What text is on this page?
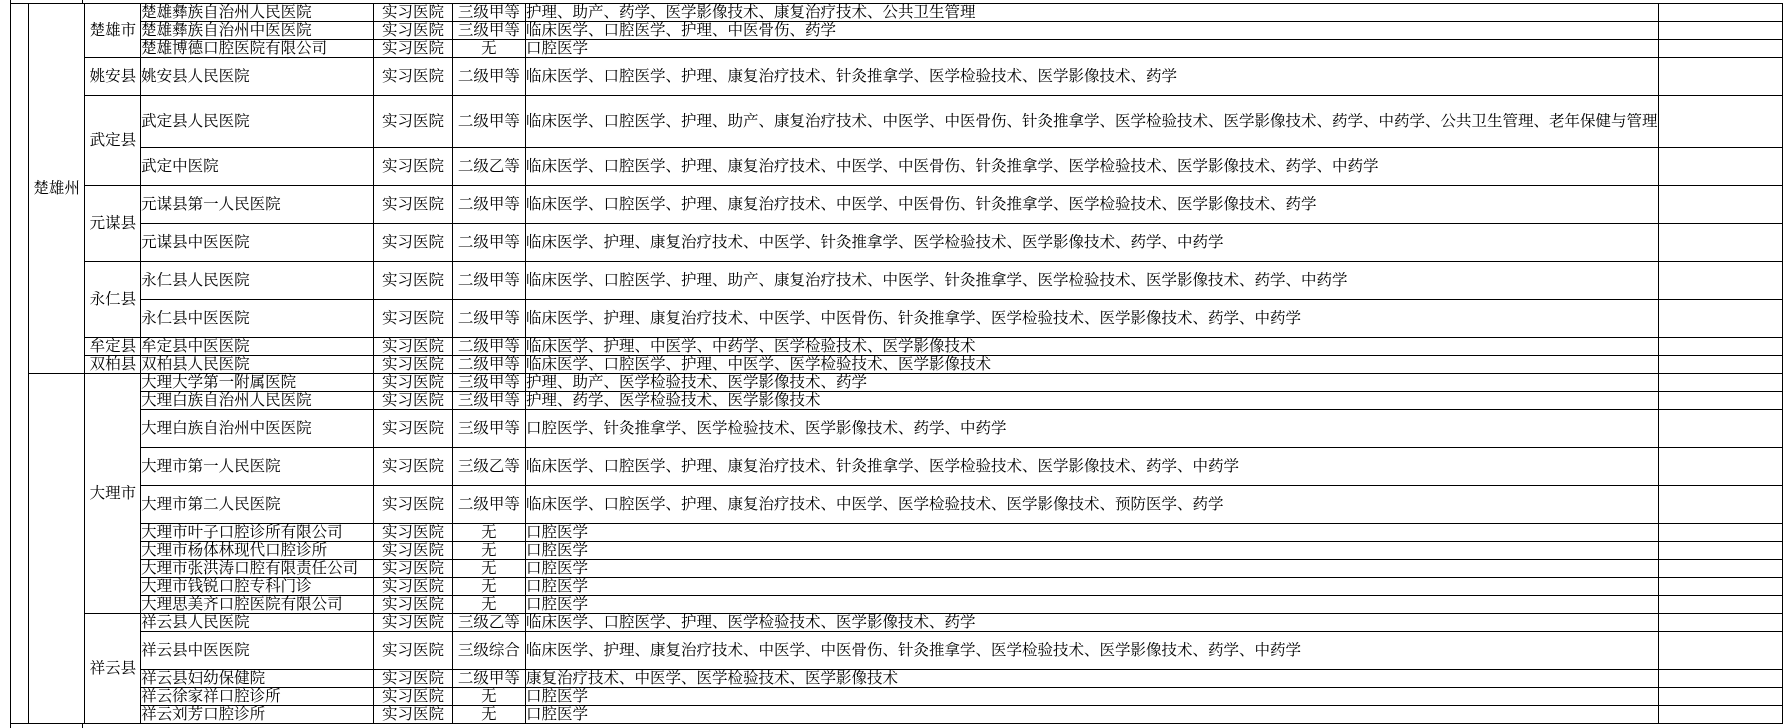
	楚雄州	楚雄市	楚雄彝族自治州人民医院	实习医院	三级甲等	护理、助产、药学、医学影像技术、康复治疗技术、公共卫生管理	
			楚雄彝族自治州中医医院	实习医院	三级甲等	临床医学、口腔医学、护理、中医骨伤、药学	
			楚雄博德口腔医院有限公司	实习医院	无	口腔医学	
		姚安县	姚安县人民医院	实习医院	二级甲等	临床医学、口腔医学、护理、康复治疗技术、针灸推拿学、医学检验技术、医学影像技术、药学	
		武定县	武定县人民医院	实习医院	二级甲等	临床医学、口腔医学、护理、助产、康复治疗技术、中医学、中医骨伤、针灸推拿学、医学检验技术、医学影像技术、药学、中药学、公共卫生管理、老年保健与管理	
			武定中医院	实习医院	二级乙等	临床医学、口腔医学、护理、康复治疗技术、中医学、中医骨伤、针灸推拿学、医学检验技术、医学影像技术、药学、中药学	
		元谋县	元谋县第一人民医院	实习医院	二级甲等	临床医学、口腔医学、护理、康复治疗技术、中医学、中医骨伤、针灸推拿学、医学检验技术、医学影像技术、药学	
			元谋县中医医院	实习医院	二级甲等	临床医学、护理、康复治疗技术、中医学、针灸推拿学、医学检验技术、医学影像技术、药学、中药学	
		永仁县	永仁县人民医院	实习医院	二级甲等	临床医学、口腔医学、护理、助产、康复治疗技术、中医学、针灸推拿学、医学检验技术、医学影像技术、药学、中药学	
			永仁县中医医院	实习医院	二级甲等	临床医学、护理、康复治疗技术、中医学、中医骨伤、针灸推拿学、医学检验技术、医学影像技术、药学、中药学	
		牟定县	牟定县中医医院	实习医院	二级甲等	临床医学、护理、中医学、中药学、医学检验技术、医学影像技术	
		双柏县	双柏县人民医院	实习医院	二级甲等	临床医学、口腔医学、护理、中医学、医学检验技术、医学影像技术	
		大理市	大理大学第一附属医院	实习医院	三级甲等	护理、助产、医学检验技术、医学影像技术、药学	
			大理白族自治州人民医院	实习医院	三级甲等	护理、药学、医学检验技术、医学影像技术	
			大理白族自治州中医医院	实习医院	三级甲等	口腔医学、针灸推拿学、医学检验技术、医学影像技术、药学、中药学	
			大理市第一人民医院	实习医院	三级乙等	临床医学、口腔医学、护理、康复治疗技术、针灸推拿学、医学检验技术、医学影像技术、药学、中药学	
			大理市第二人民医院	实习医院	二级甲等	临床医学、口腔医学、护理、康复治疗技术、中医学、医学检验技术、医学影像技术、预防医学、药学	
			大理市叶子口腔诊所有限公司	实习医院	无	口腔医学	
			大理市杨体林现代口腔诊所	实习医院	无	口腔医学	
			大理市张洪涛口腔有限责任公司	实习医院	无	口腔医学	
			大理市钱锐口腔专科门诊	实习医院	无	口腔医学	
			大理思美齐口腔医院有限公司	实习医院	无	口腔医学	
		祥云县	祥云县人民医院	实习医院	三级乙等	临床医学、口腔医学、护理、医学检验技术、医学影像技术、药学	
			祥云县中医医院	实习医院	三级综合	临床医学、护理、康复治疗技术、中医学、中医骨伤、针灸推拿学、医学检验技术、医学影像技术、药学、中药学	
			祥云县妇幼保健院	实习医院	二级甲等	康复治疗技术、中医学、医学检验技术、医学影像技术	
			祥云徐家祥口腔诊所	实习医院	无	口腔医学	
			祥云刘芳口腔诊所	实习医院	无	口腔医学	
